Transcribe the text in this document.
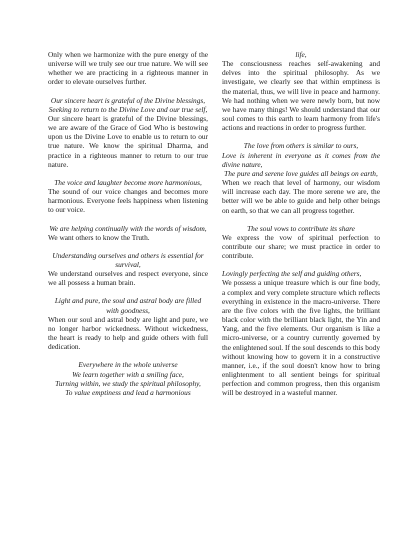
Only when we harmonize with the pure energy of the universe will we truly see our true nature. We will see whether we are practicing in a righteous manner in order to elevate ourselves further.

Our sincere heart is grateful of the Divine blessings,

Seeking to return to the Divine Love and our true self,

Our sincere heart is grateful of the Divine blessings, we are aware of the Grace of God Who is bestowing upon us the Divine Love to enable us to return to our true nature. We know the spiritual Dharma, and practice in a righteous manner to return to our true nature.

The voice and laughter become more harmonious,

The sound of our voice changes and becomes more harmonious. Everyone feels happiness when listening to our voice.

We are helping continually with the words of wisdom,

We want others to know the Truth.

Understanding ourselves and others is essential for survival,

We understand ourselves and respect everyone, since we all possess a human brain.

Light and pure, the soul and astral body are filled with goodness,

When our soul and astral body are light and pure, we no longer harbor wickedness. Without wickedness, the heart is ready to help and guide others with full dedication.

Everywhere in the whole universe

We learn together with a smiling face,

Turning within, we study the spiritual philosophy,

To value emptiness and lead a harmonious

life,

The consciousness reaches self-awakening and delves into the spiritual philosophy. As we investigate, we clearly see that within emptiness is the material, thus, we will live in peace and harmony. We had nothing when we were newly born, but now we have many things! We should understand that our soul comes to this earth to learn harmony from life's actions and reactions in order to progress further.

The love from others is similar to ours,

Love is inherent in everyone as it comes from the divine nature,

The pure and serene love guides all beings on earth,

When we reach that level of harmony, our wisdom will increase each day. The more serene we are, the better will we be able to guide and help other beings on earth, so that we can all progress together.

The soul vows to contribute its share

We express the vow of spiritual perfection to contribute our share; we must practice in order to contribute.

Lovingly perfecting the self and guiding others,

We possess a unique treasure which is our fine body, a complex and very complete structure which reflects everything in existence in the macro-universe. There are the five colors with the five lights, the brilliant black color with the brilliant black light, the Yin and Yang, and the five elements. Our organism is like a micro-universe, or a country currently governed by the enlightened soul. If the soul descends to this body without knowing how to govern it in a constructive manner, i.e., if the soul doesn't know how to bring enlightenment to all sentient beings for spiritual perfection and common progress, then this organism will be destroyed in a wasteful manner.
